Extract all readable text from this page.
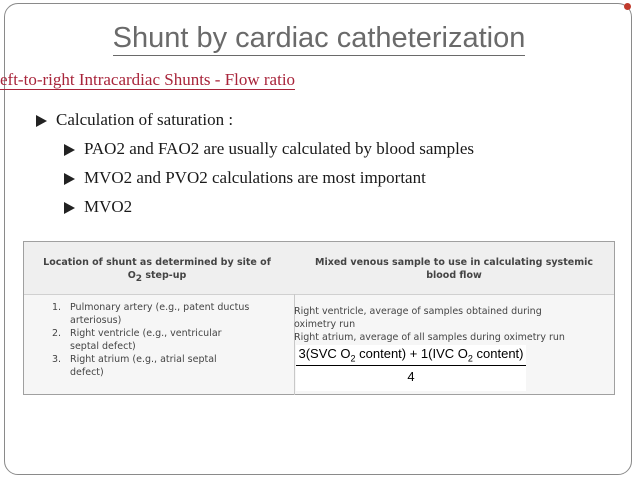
Shunt by cardiac catheterization
eft-to-right Intracardiac Shunts - Flow ratio
Calculation of saturation :
PAO2 and FAO2 are usually calculated by blood samples
MVO2 and PVO2 calculations are most important
MVO2
Location of shunt as determined by site of
$O_2$ step-up
Mixed venous sample to use in calculating systemic
blood flow
1. Pulmonary artery (e.g., patent ductus
arteriosus)
2. Right ventricle (e.g., ventricular
septal defect)
3. Right atrium (e.g., atrial septal
defect)
Right ventricle, average of samples obtained during
oximetry run
Right atrium, average of all samples during oximetry run
3(SVC $O_2$ content) + 1(IVC $O_2$ content)
4
